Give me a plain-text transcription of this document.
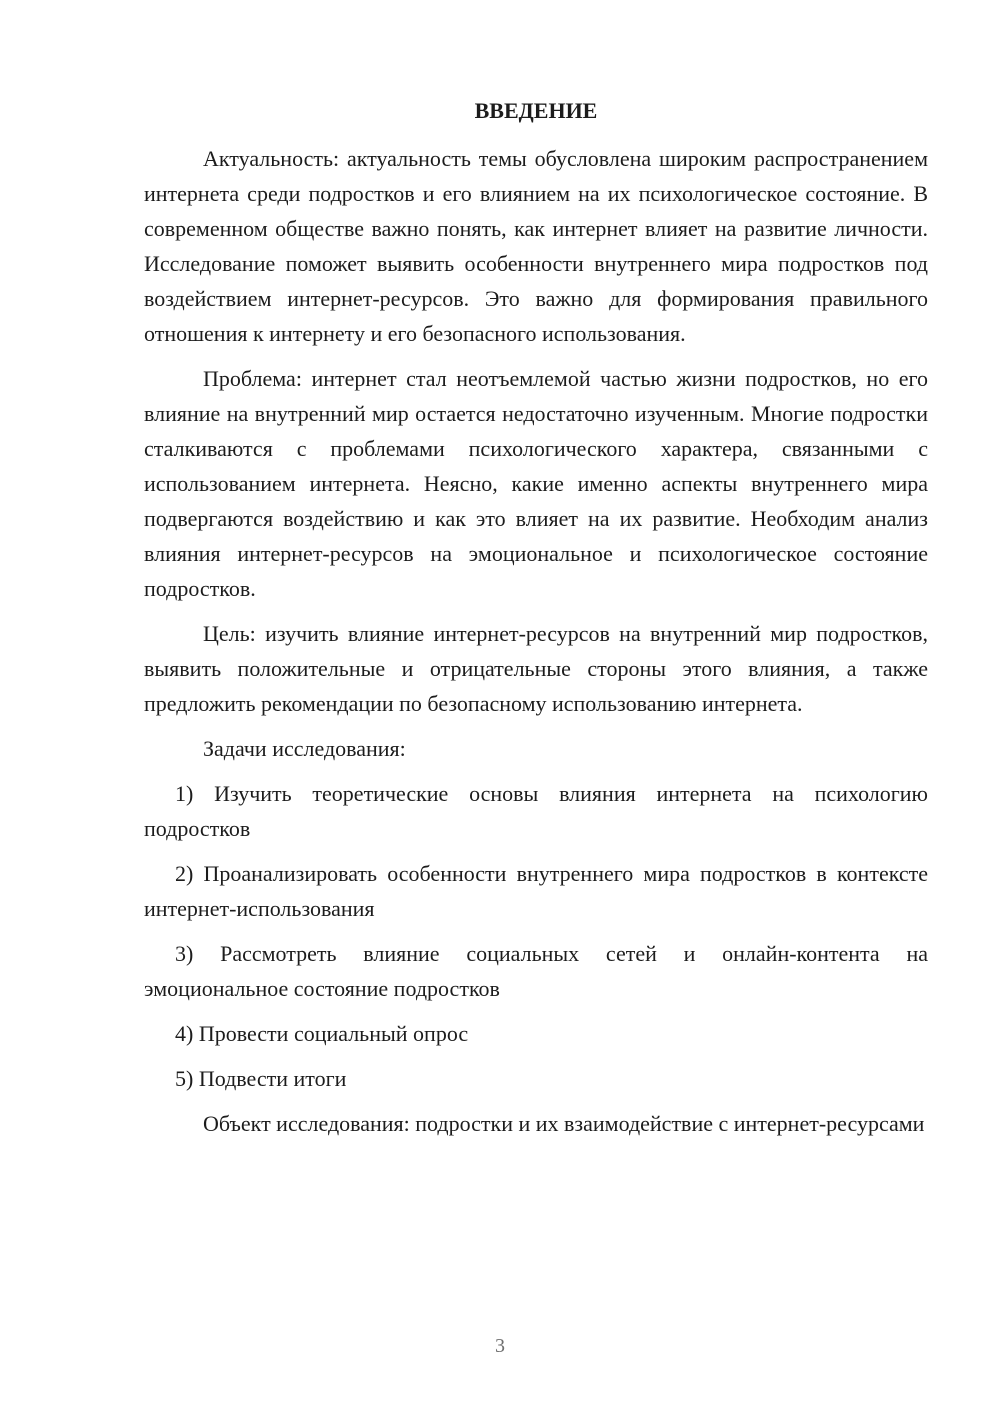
ВВЕДЕНИЕ

Актуальность: актуальность темы обусловлена широким распространением интернета среди подростков и его влиянием на их психологическое состояние. В современном обществе важно понять, как интернет влияет на развитие личности. Исследование поможет выявить особенности внутреннего мира подростков под воздействием интернет-ресурсов. Это важно для формирования правильного отношения к интернету и его безопасного использования.

Проблема: интернет стал неотъемлемой частью жизни подростков, но его влияние на внутренний мир остается недостаточно изученным. Многие подростки сталкиваются с проблемами психологического характера, связанными с использованием интернета. Неясно, какие именно аспекты внутреннего мира подвергаются воздействию и как это влияет на их развитие. Необходим анализ влияния интернет-ресурсов на эмоциональное и психологическое состояние подростков.

Цель: изучить влияние интернет-ресурсов на внутренний мир подростков, выявить положительные и отрицательные стороны этого влияния, а также предложить рекомендации по безопасному использованию интернета.

Задачи исследования:

1) Изучить теоретические основы влияния интернета на психологию подростков

2) Проанализировать особенности внутреннего мира подростков в контексте интернет-использования

3) Рассмотреть влияние социальных сетей и онлайн-контента на эмоциональное состояние подростков

4) Провести социальный опрос

5) Подвести итоги

Объект исследования: подростки и их взаимодействие с интернет-ресурсами

3
